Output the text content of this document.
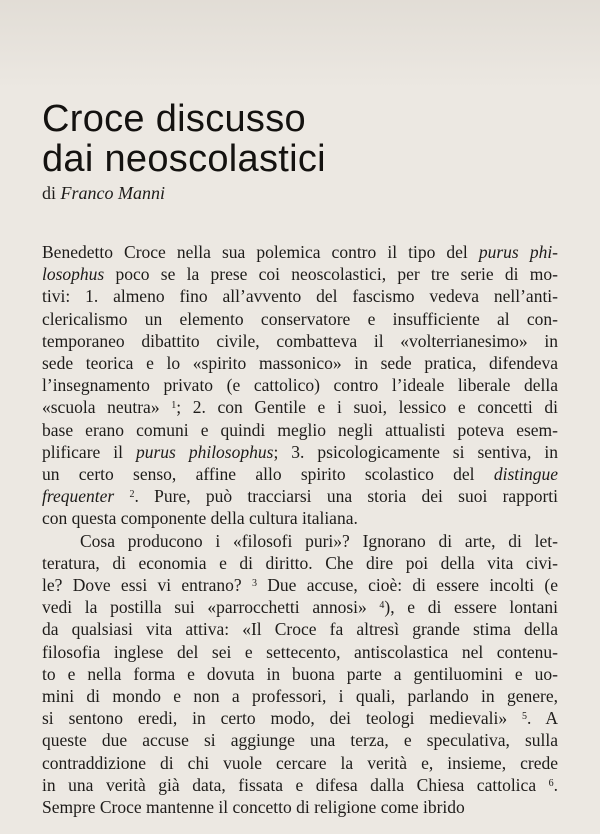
Croce discusso
dai neoscolastici
di Franco Manni
Benedetto Croce nella sua polemica contro il tipo del purus phi-
losophus poco se la prese coi neoscolastici, per tre serie di mo-
tivi: 1. almeno fino all’avvento del fascismo vedeva nell’anti-
clericalismo un elemento conservatore e insufficiente al con-
temporaneo dibattito civile, combatteva il «volterrianesimo» in
sede teorica e lo «spirito massonico» in sede pratica, difendeva
l’insegnamento privato (e cattolico) contro l’ideale liberale della
«scuola neutra» $^1$; 2. con Gentile e i suoi, lessico e concetti di
base erano comuni e quindi meglio negli attualisti poteva esem-
plificare il purus philosophus; 3. psicologicamente si sentiva, in
un certo senso, affine allo spirito scolastico del distingue
frequenter $^2$. Pure, può tracciarsi una storia dei suoi rapporti
con questa componente della cultura italiana.
Cosa producono i «filosofi puri»? Ignorano di arte, di let-
teratura, di economia e di diritto. Che dire poi della vita civi-
le? Dove essi vi entrano? $^3$ Due accuse, cioè: di essere incolti (e
vedi la postilla sui «parrocchetti annosi» $^4$), e di essere lontani
da qualsiasi vita attiva: «Il Croce fa altresì grande stima della
filosofia inglese del sei e settecento, antiscolastica nel contenu-
to e nella forma e dovuta in buona parte a gentiluomini e uo-
mini di mondo e non a professori, i quali, parlando in genere,
si sentono eredi, in certo modo, dei teologi medievali» $^5$. A
queste due accuse si aggiunge una terza, e speculativa, sulla
contraddizione di chi vuole cercare la verità e, insieme, crede
in una verità già data, fissata e difesa dalla Chiesa cattolica $^6$.
Sempre Croce mantenne il concetto di religione come ibrido
